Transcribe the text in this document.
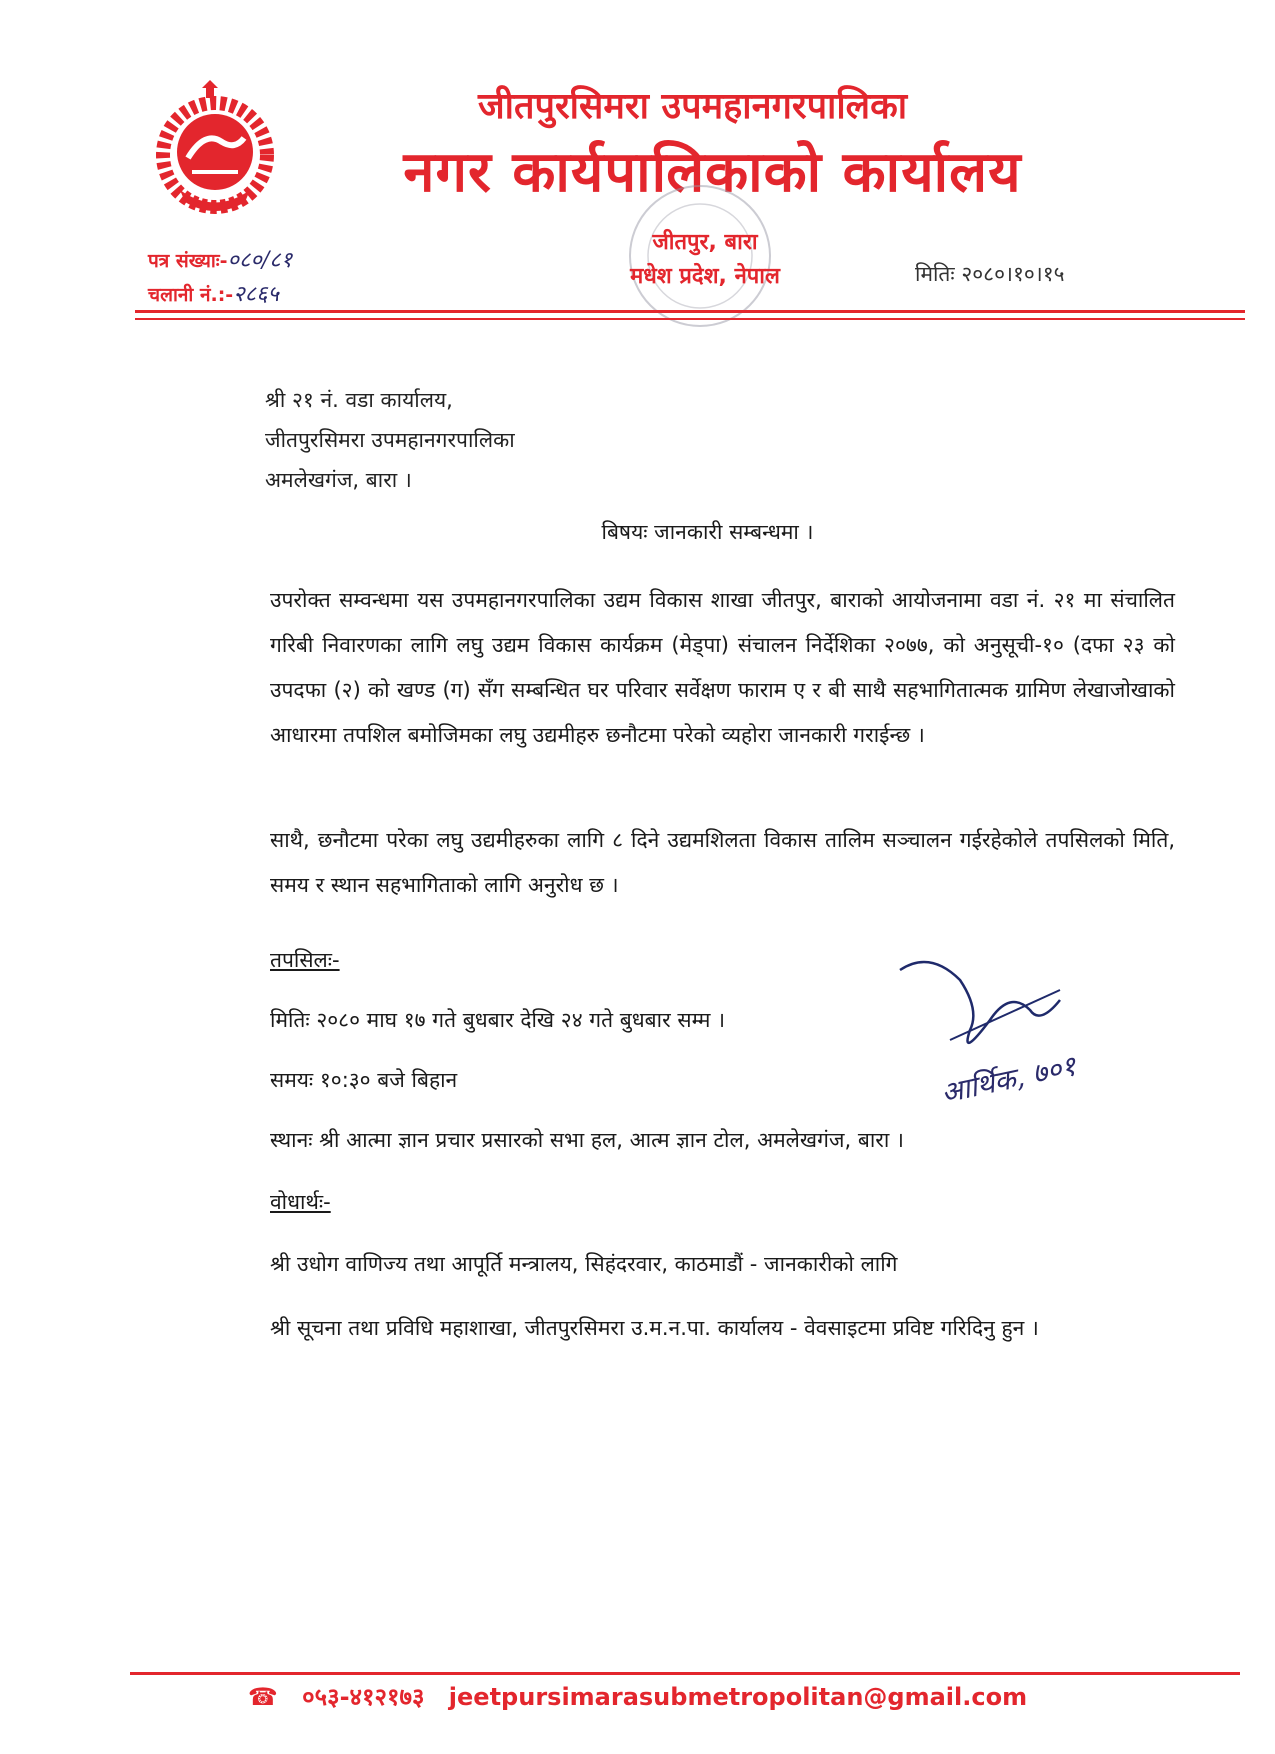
जीतपुरसिमरा उपमहानगरपालिका
नगर कार्यपालिकाको कार्यालय
पत्र संख्याः-०८०/८१
चलानी नं.:-२८६५
जीतपुर, बारा
मधेश प्रदेश, नेपाल	मितिः २०८०।१०।१५
श्री २१ नं. वडा कार्यालय,
जीतपुरसिमरा उपमहानगरपालिका
अमलेखगंज, बारा ।
बिषयः जानकारी सम्बन्धमा ।
उपरोक्त सम्वन्धमा यस उपमहानगरपालिका उद्यम विकास शाखा जीतपुर, बाराको आयोजनामा वडा नं. २१ मा संचालित गरिबी निवारणका लागि लघु उद्यम विकास कार्यक्रम (मेड्पा) संचालन निर्देशिका २०७७, को अनुसूची-१० (दफा २३ को उपदफा (२) को खण्ड (ग) सँग सम्बन्धित घर परिवार सर्वेक्षण फाराम ए र बी साथै सहभागितात्मक ग्रामिण लेखाजोखाको आधारमा तपशिल बमोजिमका लघु उद्यमीहरु छनौटमा परेको व्यहोरा जानकारी गराईन्छ ।
साथै, छनौटमा परेका लघु उद्यमीहरुका लागि ८ दिने उद्यमशिलता विकास तालिम सञ्चालन गईरहेकोले तपसिलको मिति, समय र स्थान सहभागिताको लागि अनुरोध छ ।
तपसिलः-
मितिः २०८० माघ १७ गते बुधबार देखि २४ गते बुधबार सम्म ।
समयः १०:३० बजे बिहान
स्थानः श्री आत्मा ज्ञान प्रचार प्रसारको सभा हल, आत्म ज्ञान टोल, अमलेखगंज, बारा ।
आर्थिक, ७०१
वोधार्थः-
श्री उधोग वाणिज्य तथा आपूर्ति मन्त्रालय, सिहंदरवार, काठमाडौं - जानकारीको लागि
श्री सूचना तथा प्रविधि महाशाखा, जीतपुरसिमरा उ.म.न.पा. कार्यालय - वेवसाइटमा प्रविष्ट गरिदिनु हुन ।
☎ ०५३-४१२१७३ jeetpursimarasubmetropolitan@gmail.com
